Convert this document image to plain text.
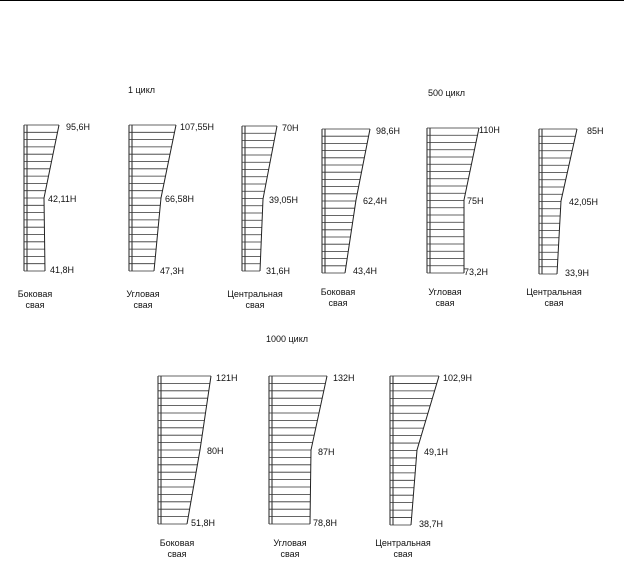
1 цикл	500 цикл
1000 цикл
95,6Н
42,11Н
41,8Н
107,55Н
66,58Н
47,3Н
70Н
39,05Н
31,6Н
98,6Н
62,4Н
43,4Н
110Н
75Н
73,2Н
85Н
42,05Н
33,9Н
121Н
80Н
51,8Н
132Н
87Н
78,8Н
102,9Н
49,1Н
38,7Н
Боковая
свая
Угловая
свая
Центральная
свая
Боковая
свая
Угловая
свая
Центральная
свая
Боковая
свая
Угловая
свая
Центральная
свая
